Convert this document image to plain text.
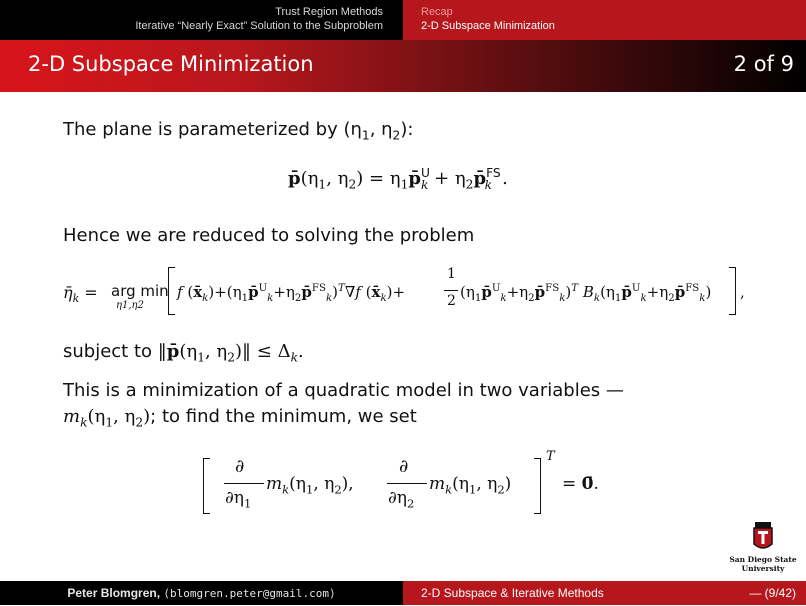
Trust Region Methods
Iterative “Nearly Exact” Solution to the Subproblem
Recap
2-D Subspace Minimization
2-D Subspace Minimization	2 of 9
The plane is parameterized by ($\eta_1$, $\eta_2$):
$p̄(\eta_1$, $\eta_2$) = $\eta_1p̄^U_k$ + $\eta_2p̄^{FS}_k$ .
Hence we are reduced to solving the problem
$\etā_k$ = arg min
η1,η2
f $(x̄_k)+(\eta_1p̄^U_k+\eta_2p̄^{FS}_k)^T\nabla f$ $(x̄_k)+$
1
2 $(\eta_1p̄^U_k+\eta_2p̄^{FS}_k)^T$ $B_k(\eta_1p̄^U_k+\eta_2p̄^{FS}_k)$ ,
subject to $‖p̄(\eta_1$, $\eta_2)‖ \le \Delta_k$.
This is a minimization of a quadratic model in two variables —
$m_k(\eta_1$, $\eta_2$); to find the minimum, we set
∂
$\partial\eta_1$
$m_k(\eta_1$, $\eta_2$),
∂
$\partial\eta_2$
$m_k(\eta_1$, $\eta_2$)
T
= 0̄.
San Diego State
University
Peter Blomgren, ⟨blomgren.peter@gmail.com⟩	2-D Subspace & Iterative Methods	— (9/42)
